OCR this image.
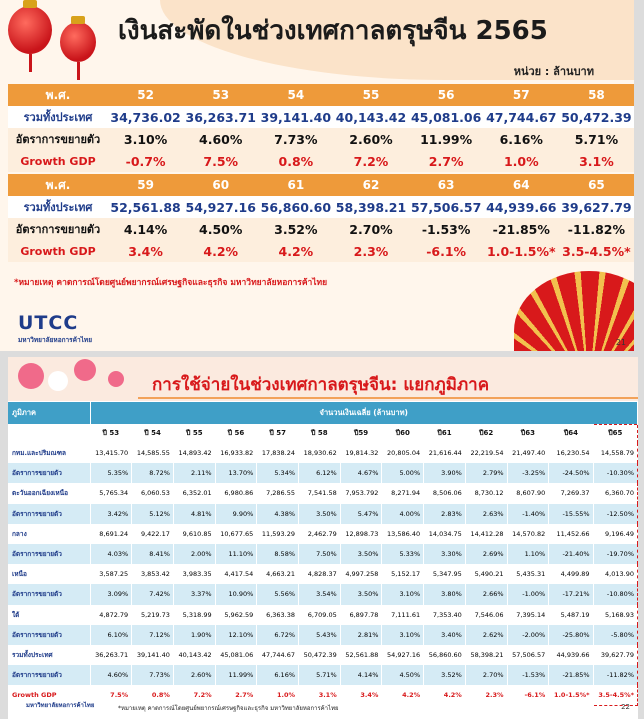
เงินสะพัดในช่วงเทศกาลตรุษจีน 2565
หน่วย : ล้านบาท
พ.ศ.	52	53	54	55	56	57	58
รวมทั้งประเทศ	34,736.02	36,263.71	39,141.40	40,143.42	45,081.06	47,744.67	50,472.39
อัตราการขยายตัว	3.10%	4.60%	7.73%	2.60%	11.99%	6.16%	5.71%
Growth GDP	-0.7%	7.5%	0.8%	7.2%	2.7%	1.0%	3.1%

พ.ศ.	59	60	61	62	63	64	65
รวมทั้งประเทศ	52,561.88	54,927.16	56,860.60	58,398.21	57,506.57	44,939.66	39,627.79
อัตราการขยายตัว	4.14%	4.50%	3.52%	2.70%	-1.53%	-21.85%	-11.82%
Growth GDP	3.4%	4.2%	4.2%	2.3%	-6.1%	1.0-1.5%*	3.5-4.5%*
*หมายเหตุ คาดการณ์โดยศูนย์พยากรณ์เศรษฐกิจและธุรกิจ มหาวิทยาลัยหอการค้าไทย
UTCC
มหาวิทยาลัยหอการค้าไทย	21
การใช้จ่ายในช่วงเทศกาลตรุษจีน: แยกภูมิภาค
ภูมิภาค	จำนวนเงินเฉลี่ย (ล้านบาท)												
	ปี 53	ปี 54	ปี 55	ปี 56	ปี 57	ปี 58	ปี59	ปี60	ปี61	ปี62	ปี63	ปี64	ปี65
กทม.และปริมณฑล	13,415.70	14,585.55	14,893.42	16,933.82	17,838.24	18,930.62	19,814.32	20,805.04	21,616.44	22,219.54	21,497.40	16,230.54	14,558.79
อัตราการขยายตัว	5.35%	8.72%	2.11%	13.70%	5.34%	6.12%	4.67%	5.00%	3.90%	2.79%	-3.25%	-24.50%	-10.30%
ตะวันออกเฉียงเหนือ	5,765.34	6,060.53	6,352.01	6,980.86	7,286.55	7,541.58	7,953.792	8,271.94	8,506.06	8,730.12	8,607.90	7,269.37	6,360.70
อัตราการขยายตัว	3.42%	5.12%	4.81%	9.90%	4.38%	3.50%	5.47%	4.00%	2.83%	2.63%	-1.40%	-15.55%	-12.50%
กลาง	8,691.24	9,422.17	9,610.85	10,677.65	11,593.29	2,462.79	12,898.73	13,586.40	14,034.75	14,412.28	14,570.82	11,452.66	9,196.49
อัตราการขยายตัว	4.03%	8.41%	2.00%	11.10%	8.58%	7.50%	3.50%	5.33%	3.30%	2.69%	1.10%	-21.40%	-19.70%
เหนือ	3,587.25	3,853.42	3,983.35	4,417.54	4,663.21	4,828.37	4,997.258	5,152.17	5,347.95	5,490.21	5,435.31	4,499.89	4,013.90
อัตราการขยายตัว	3.09%	7.42%	3.37%	10.90%	5.56%	3.54%	3.50%	3.10%	3.80%	2.66%	-1.00%	-17.21%	-10.80%
ใต้	4,872.79	5,219.73	5,318.99	5,962.59	6,363.38	6,709.05	6,897.78	7,111.61	7,353.40	7,546.06	7,395.14	5,487.19	5,168.93
อัตราการขยายตัว	6.10%	7.12%	1.90%	12.10%	6.72%	5.43%	2.81%	3.10%	3.40%	2.62%	-2.00%	-25.80%	-5.80%
รวมทั้งประเทศ	36,263.71	39,141.40	40,143.42	45,081.06	47,744.67	50,472.39	52,561.88	54,927.16	56,860.60	58,398.21	57,506.57	44,939.66	39,627.79
อัตราการขยายตัว	4.60%	7.73%	2.60%	11.99%	6.16%	5.71%	4.14%	4.50%	3.52%	2.70%	-1.53%	-21.85%	-11.82%
Growth GDP	7.5%	0.8%	7.2%	2.7%	1.0%	3.1%	3.4%	4.2%	4.2%	2.3%	-6.1%	1.0-1.5%*	3.5-4.5%*
มหาวิทยาลัยหอการค้าไทย	*หมายเหตุ คาดการณ์โดยศูนย์พยากรณ์เศรษฐกิจและธุรกิจ มหาวิทยาลัยหอการค้าไทย	22
